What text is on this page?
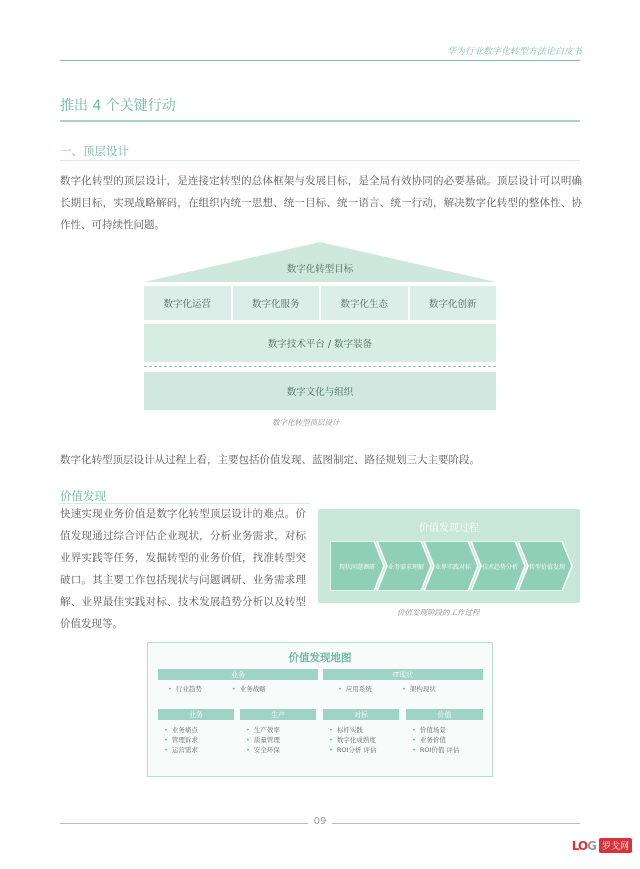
华为行业数字化转型方法论白皮书
推出 4 个关键行动
一、顶层设计
数字化转型的顶层设计，是连接定转型的总体框架与发展目标，是全局有效协同的必要基础。顶层设计可以明确长期目标，实现战略解码，在组织内统一思想、统一目标、统一语言、统一行动，解决数字化转型的整体性、协作性、可持续性问题。
数字化转型目标
数字化运营	数字化服务	数字化生态	数字化创新
数字技术平台 / 数字装备
数字文化与组织
数字化转型顶层设计
数字化转型顶层设计从过程上看，主要包括价值发现、蓝图制定、路径规划三大主要阶段。
价值发现
快速实现业务价值是数字化转型顶层设计的难点。价值发现通过综合评估企业现状，分析业务需求，对标业界实践等任务，发掘转型的业务价值，找准转型突破口。其主要工作包括现状与问题调研、业务需求理解、业界最佳实践对标、技术发展趋势分析以及转型价值发现等。
价值发现过程
现状问题调研 业务需求理解 业界实践对标 技术趋势分析 转型价值发现
价值发现阶段的工作过程
价值发现地图
业务
• 行业趋势	• 业务战略
IT现状
• 应用系统	• 架构现状
业务
• 业务痛点
• 管理诉求
• 运营需求
生产
• 生产效率
• 质量管理
• 安全环保
对标
• 标杆实践
• 数字化成熟度
• ROI分析 评估
价值
• 价值场景
• 业务价值
• ROI价值 评估
09
LOG 罗戈网
